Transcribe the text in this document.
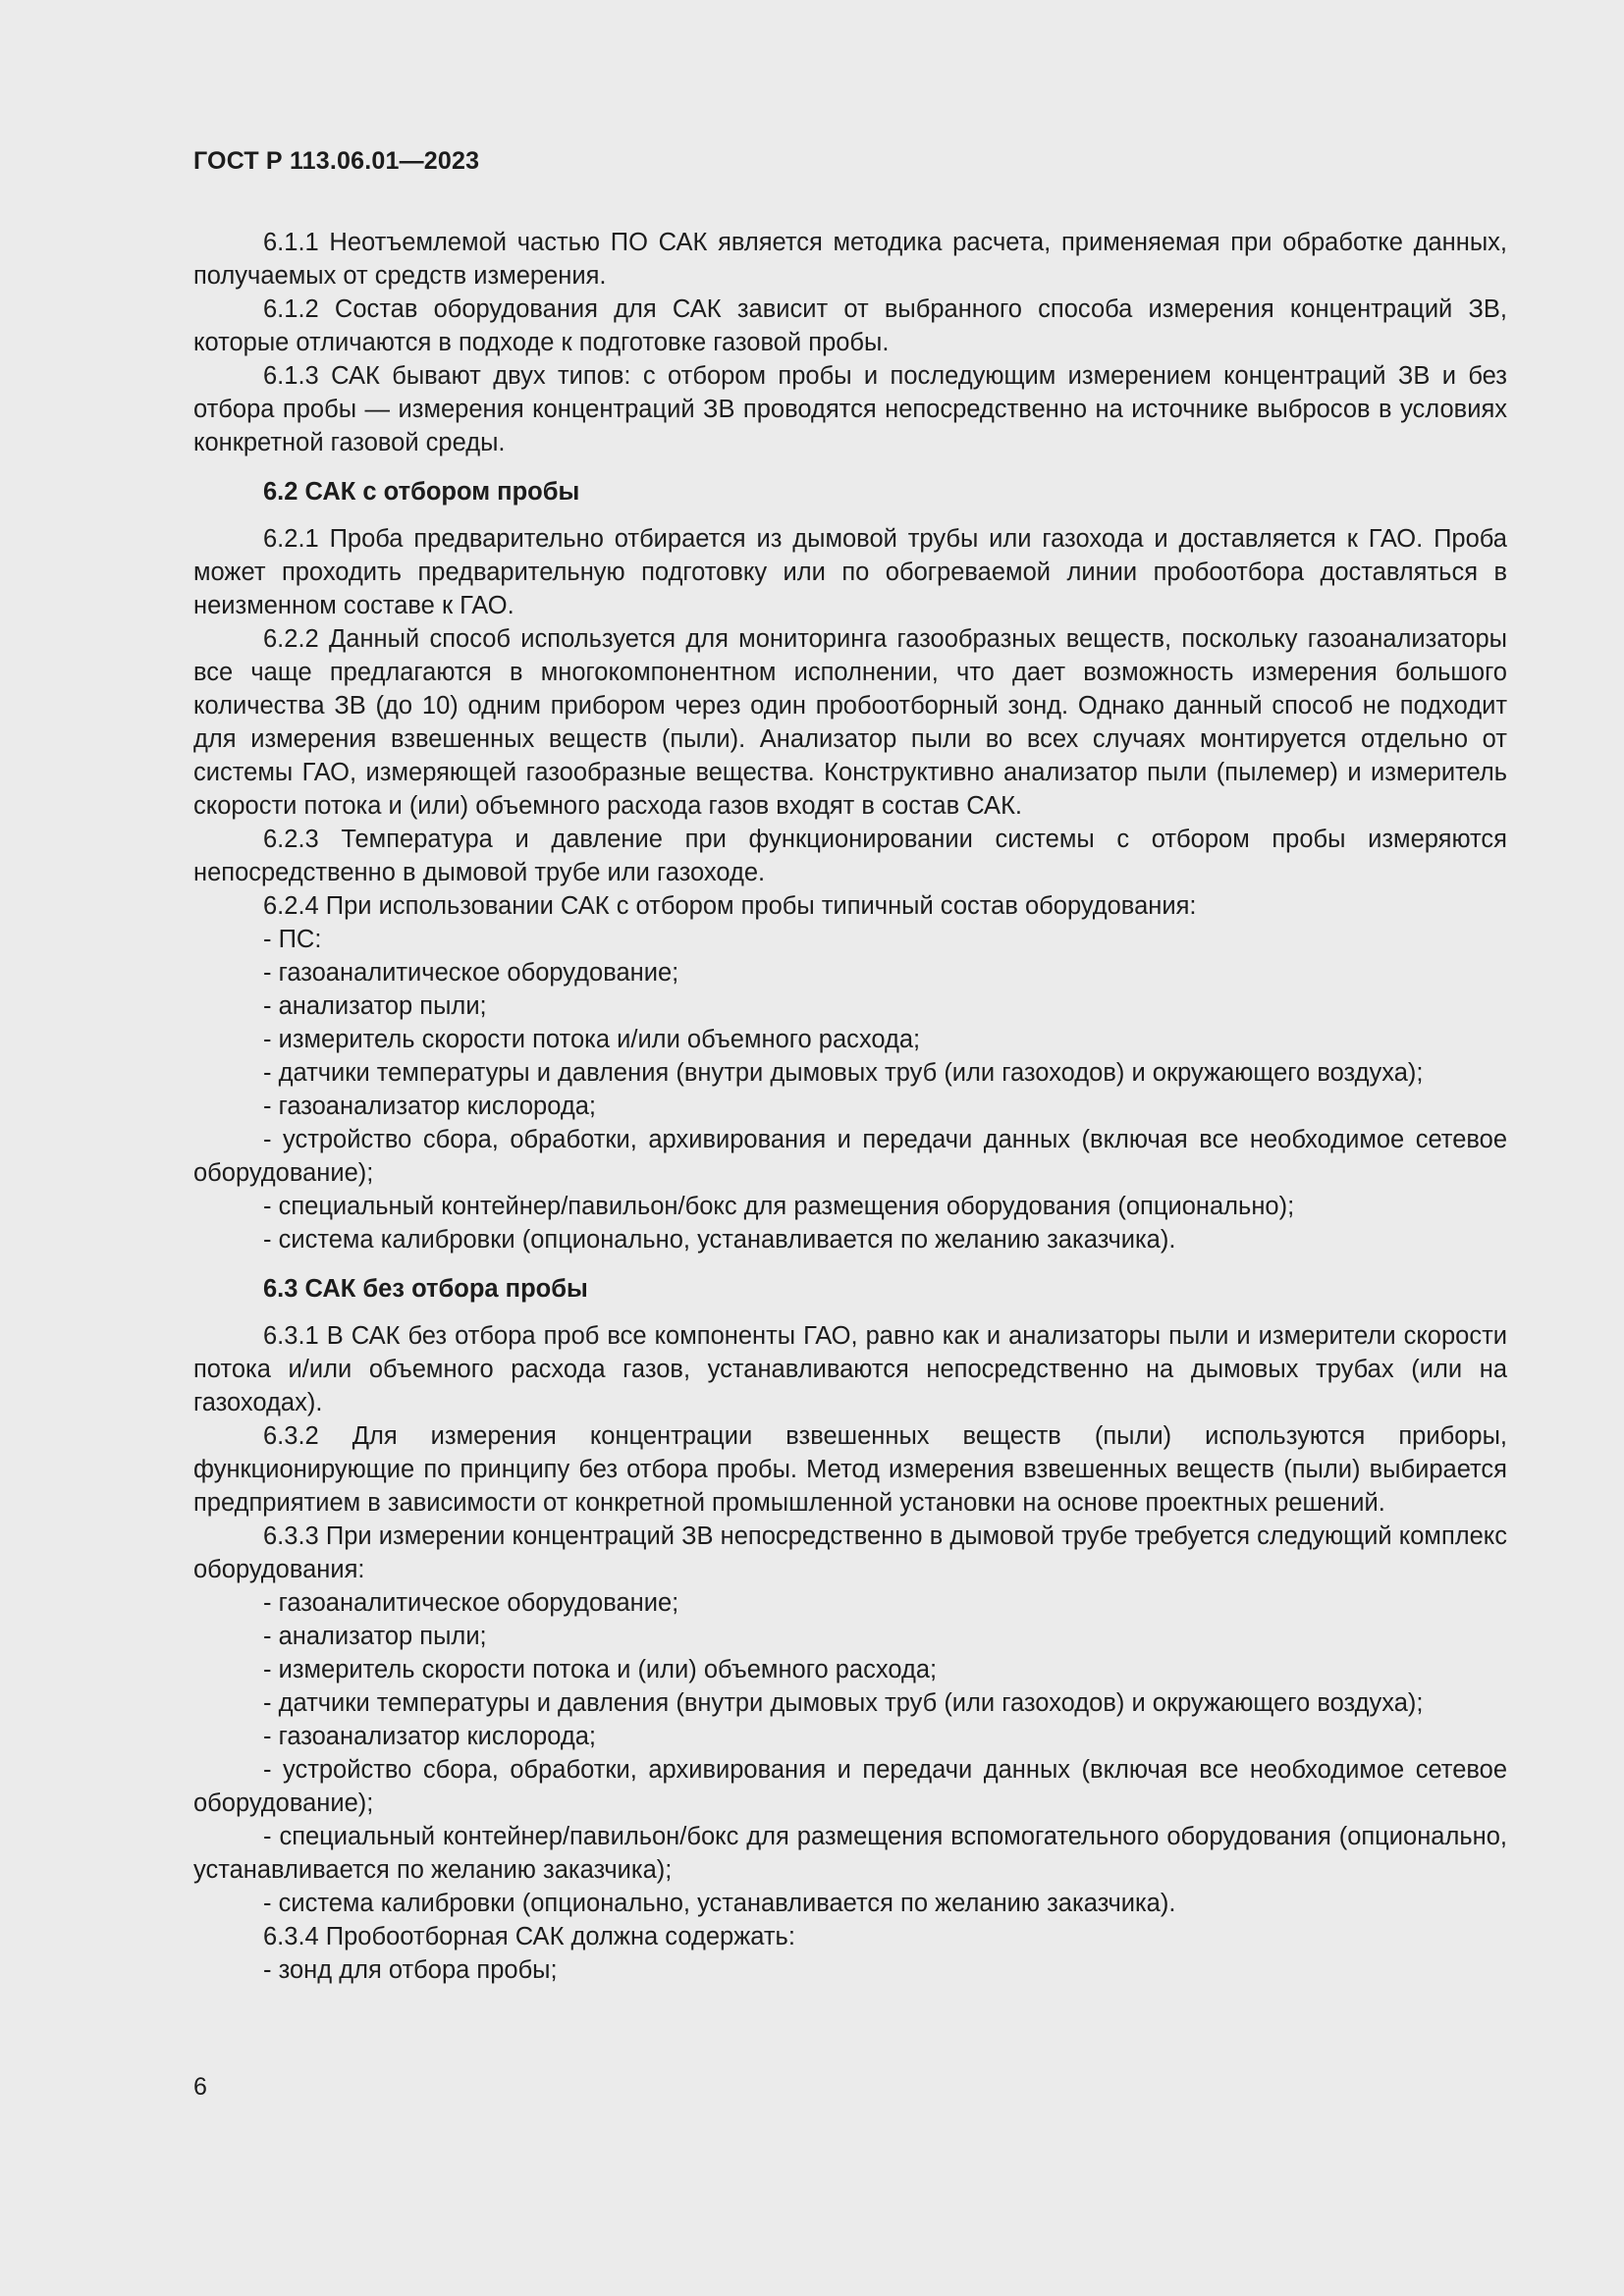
ГОСТ Р 113.06.01—2023
6.1.1 Неотъемлемой частью ПО САК является методика расчета, применяемая при обработке данных, получаемых от средств измерения.
6.1.2 Состав оборудования для САК зависит от выбранного способа измерения концентраций ЗВ, которые отличаются в подходе к подготовке газовой пробы.
6.1.3 САК бывают двух типов: с отбором пробы и последующим измерением концентраций ЗВ и без отбора пробы — измерения концентраций ЗВ проводятся непосредственно на источнике выбросов в условиях конкретной газовой среды.
6.2 САК с отбором пробы
6.2.1 Проба предварительно отбирается из дымовой трубы или газохода и доставляется к ГАО. Проба может проходить предварительную подготовку или по обогреваемой линии пробоотбора доставляться в неизменном составе к ГАО.
6.2.2 Данный способ используется для мониторинга газообразных веществ, поскольку газоанализаторы все чаще предлагаются в многокомпонентном исполнении, что дает возможность измерения большого количества ЗВ (до 10) одним прибором через один пробоотборный зонд. Однако данный способ не подходит для измерения взвешенных веществ (пыли). Анализатор пыли во всех случаях монтируется отдельно от системы ГАО, измеряющей газообразные вещества. Конструктивно анализатор пыли (пылемер) и измеритель скорости потока и (или) объемного расхода газов входят в состав САК.
6.2.3 Температура и давление при функционировании системы с отбором пробы измеряются непосредственно в дымовой трубе или газоходе.
6.2.4 При использовании САК с отбором пробы типичный состав оборудования:
- ПС:
- газоаналитическое оборудование;
- анализатор пыли;
- измеритель скорости потока и/или объемного расхода;
- датчики температуры и давления (внутри дымовых труб (или газоходов) и окружающего воздуха);
- газоанализатор кислорода;
- устройство сбора, обработки, архивирования и передачи данных (включая все необходимое сетевое оборудование);
- специальный контейнер/павильон/бокс для размещения оборудования (опционально);
- система калибровки (опционально, устанавливается по желанию заказчика).
6.3 САК без отбора пробы
6.3.1 В САК без отбора проб все компоненты ГАО, равно как и анализаторы пыли и измерители скорости потока и/или объемного расхода газов, устанавливаются непосредственно на дымовых трубах (или на газоходах).
6.3.2 Для измерения концентрации взвешенных веществ (пыли) используются приборы, функционирующие по принципу без отбора пробы. Метод измерения взвешенных веществ (пыли) выбирается предприятием в зависимости от конкретной промышленной установки на основе проектных решений.
6.3.3 При измерении концентраций ЗВ непосредственно в дымовой трубе требуется следующий комплекс оборудования:
- газоаналитическое оборудование;
- анализатор пыли;
- измеритель скорости потока и (или) объемного расхода;
- датчики температуры и давления (внутри дымовых труб (или газоходов) и окружающего воздуха);
- газоанализатор кислорода;
- устройство сбора, обработки, архивирования и передачи данных (включая все необходимое сетевое оборудование);
- специальный контейнер/павильон/бокс для размещения вспомогательного оборудования (опционально, устанавливается по желанию заказчика);
- система калибровки (опционально, устанавливается по желанию заказчика).
6.3.4 Пробоотборная САК должна содержать:
- зонд для отбора пробы;
6
